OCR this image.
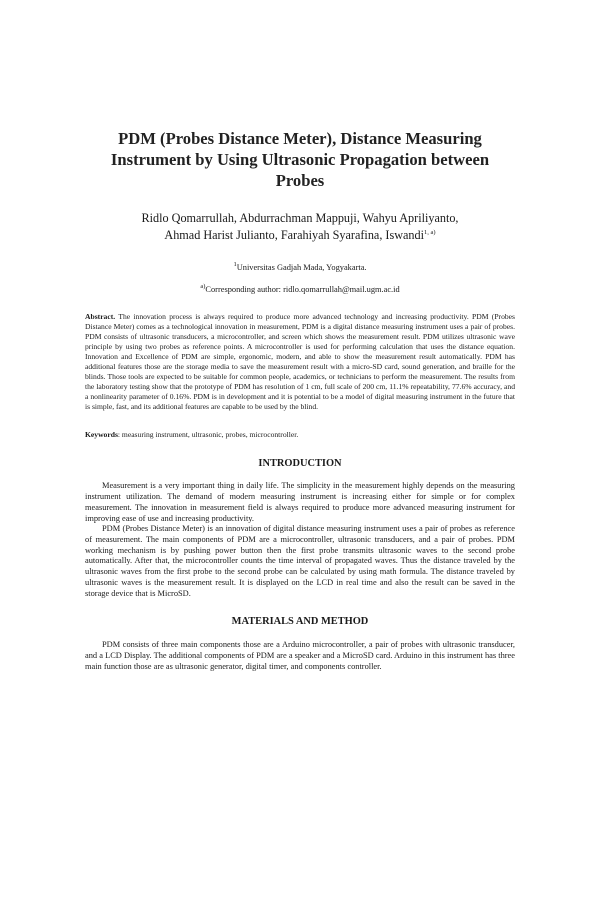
PDM (Probes Distance Meter), Distance Measuring
Instrument by Using Ultrasonic Propagation between Probes
Ridlo Qomarrullah, Abdurrachman Mappuji, Wahyu Apriliyanto,
Ahmad Harist Julianto, Farahiyah Syarafina, Iswandi$^{1, a)}$
$^1$Universitas Gadjah Mada, Yogyakarta.
$^{a)}$Corresponding author: ridlo.qomarrullah@mail.ugm.ac.id

Abstract. The innovation process is always required to produce more advanced technology and increasing productivity. PDM (Probes Distance Meter) comes as a technological innovation in measurement, PDM is a digital distance measuring instrument uses a pair of probes. PDM consists of ultrasonic transducers, a microcontroller, and screen which shows the measurement result. PDM utilizes ultrasonic wave principle by using two probes as reference points. A microcontroller is used for performing calculation that uses the distance equation. Innovation and Excellence of PDM are simple, ergonomic, modern, and able to show the measurement result automatically. PDM has additional features those are the storage media to save the measurement result with a micro-SD card, sound generation, and braille for the blinds. Those tools are expected to be suitable for common people, academics, or technicians to perform the measurement. The results from the laboratory testing show that the prototype of PDM has resolution of 1 cm, full scale of 200 cm, 11.1% repeatability, 77.6% accuracy, and a nonlinearity parameter of 0.16%. PDM is in development and it is potential to be a model of digital measuring instrument in the future that is simple, fast, and its additional features are capable to be used by the blind.

Keywords: measuring instrument, ultrasonic, probes, microcontroller.

INTRODUCTION

Measurement is a very important thing in daily life. The simplicity in the measurement highly depends on the measuring instrument utilization. The demand of modern measuring instrument is increasing either for simple or for complex measurement. The innovation in measurement field is always required to produce more advanced measuring instrument for improving ease of use and increasing productivity.

PDM (Probes Distance Meter) is an innovation of digital distance measuring instrument uses a pair of probes as reference of measurement. The main components of PDM are a microcontroller, ultrasonic transducers, and a pair of probes. PDM working mechanism is by pushing power button then the first probe transmits ultrasonic waves to the second probe automatically. After that, the microcontroller counts the time interval of propagated waves. Thus the distance traveled by the ultrasonic waves from the first probe to the second probe can be calculated by using math formula. The distance traveled by ultrasonic waves is the measurement result. It is displayed on the LCD in real time and also the result can be saved in the storage device that is MicroSD.

MATERIALS AND METHOD

PDM consists of three main components those are a Arduino microcontroller, a pair of probes with ultrasonic transducer, and a LCD Display. The additional components of PDM are a speaker and a MicroSD card. Arduino in this instrument has three main function those are as ultrasonic generator, digital timer, and components controller.
